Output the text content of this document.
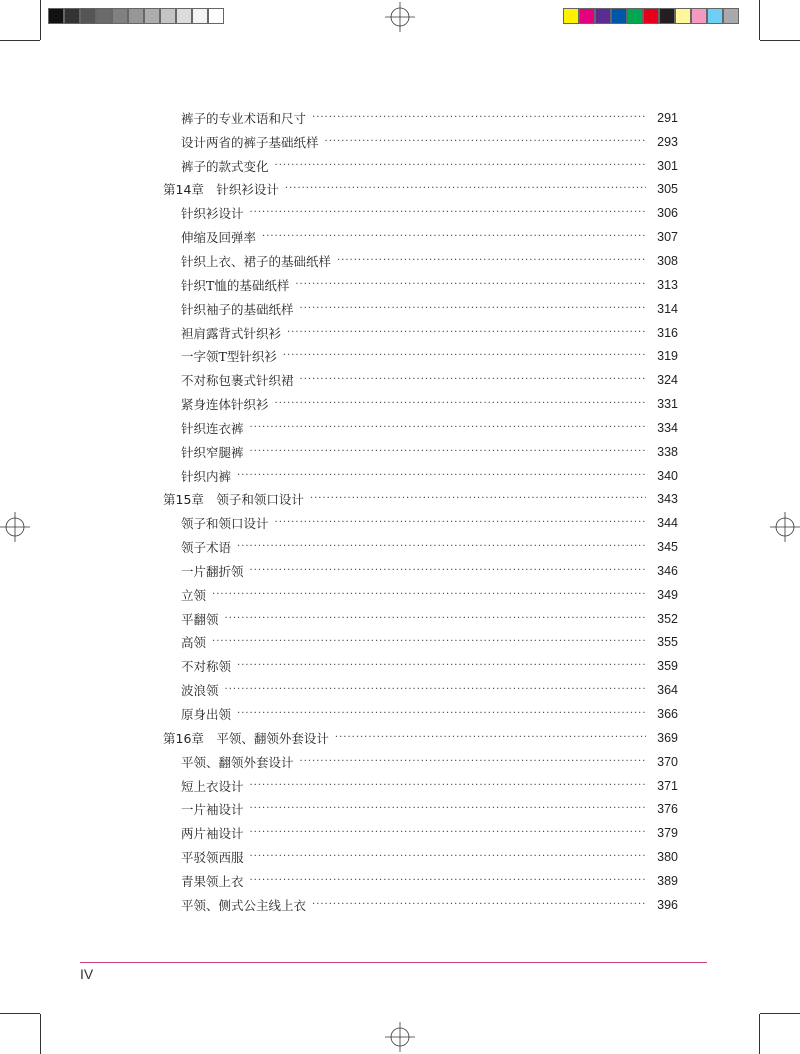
裤子的专业术语和尺寸 ·····	291
设计两省的裤子基础纸样 ·····	293
裤子的款式变化 ·····	301
第14章　针织衫设计 ·····	305
针织衫设计 ·····	306
伸缩及回弹率 ·····	307
针织上衣、裙子的基础纸样 ·····	308
针织T恤的基础纸样 ·····	313
针织袖子的基础纸样 ·····	314
袒肩露背式针织衫 ·····	316
一字领T型针织衫 ·····	319
不对称包裹式针织裙 ·····	324
紧身连体针织衫 ·····	331
针织连衣裤 ·····	334
针织窄腿裤 ·····	338
针织内裤 ·····	340
第15章　领子和领口设计 ·····	343
领子和领口设计 ·····	344
领子术语 ·····	345
一片翻折领 ·····	346
立领 ·····	349
平翻领 ·····	352
高领 ·····	355
不对称领 ·····	359
波浪领 ·····	364
原身出领 ·····	366
第16章　平领、翻领外套设计 ·····	369
平领、翻领外套设计 ·····	370
短上衣设计 ·····	371
一片袖设计 ·····	376
两片袖设计 ·····	379
平驳领西服 ·····	380
青果领上衣 ·····	389
平领、侧式公主线上衣 ·····	396
IV
